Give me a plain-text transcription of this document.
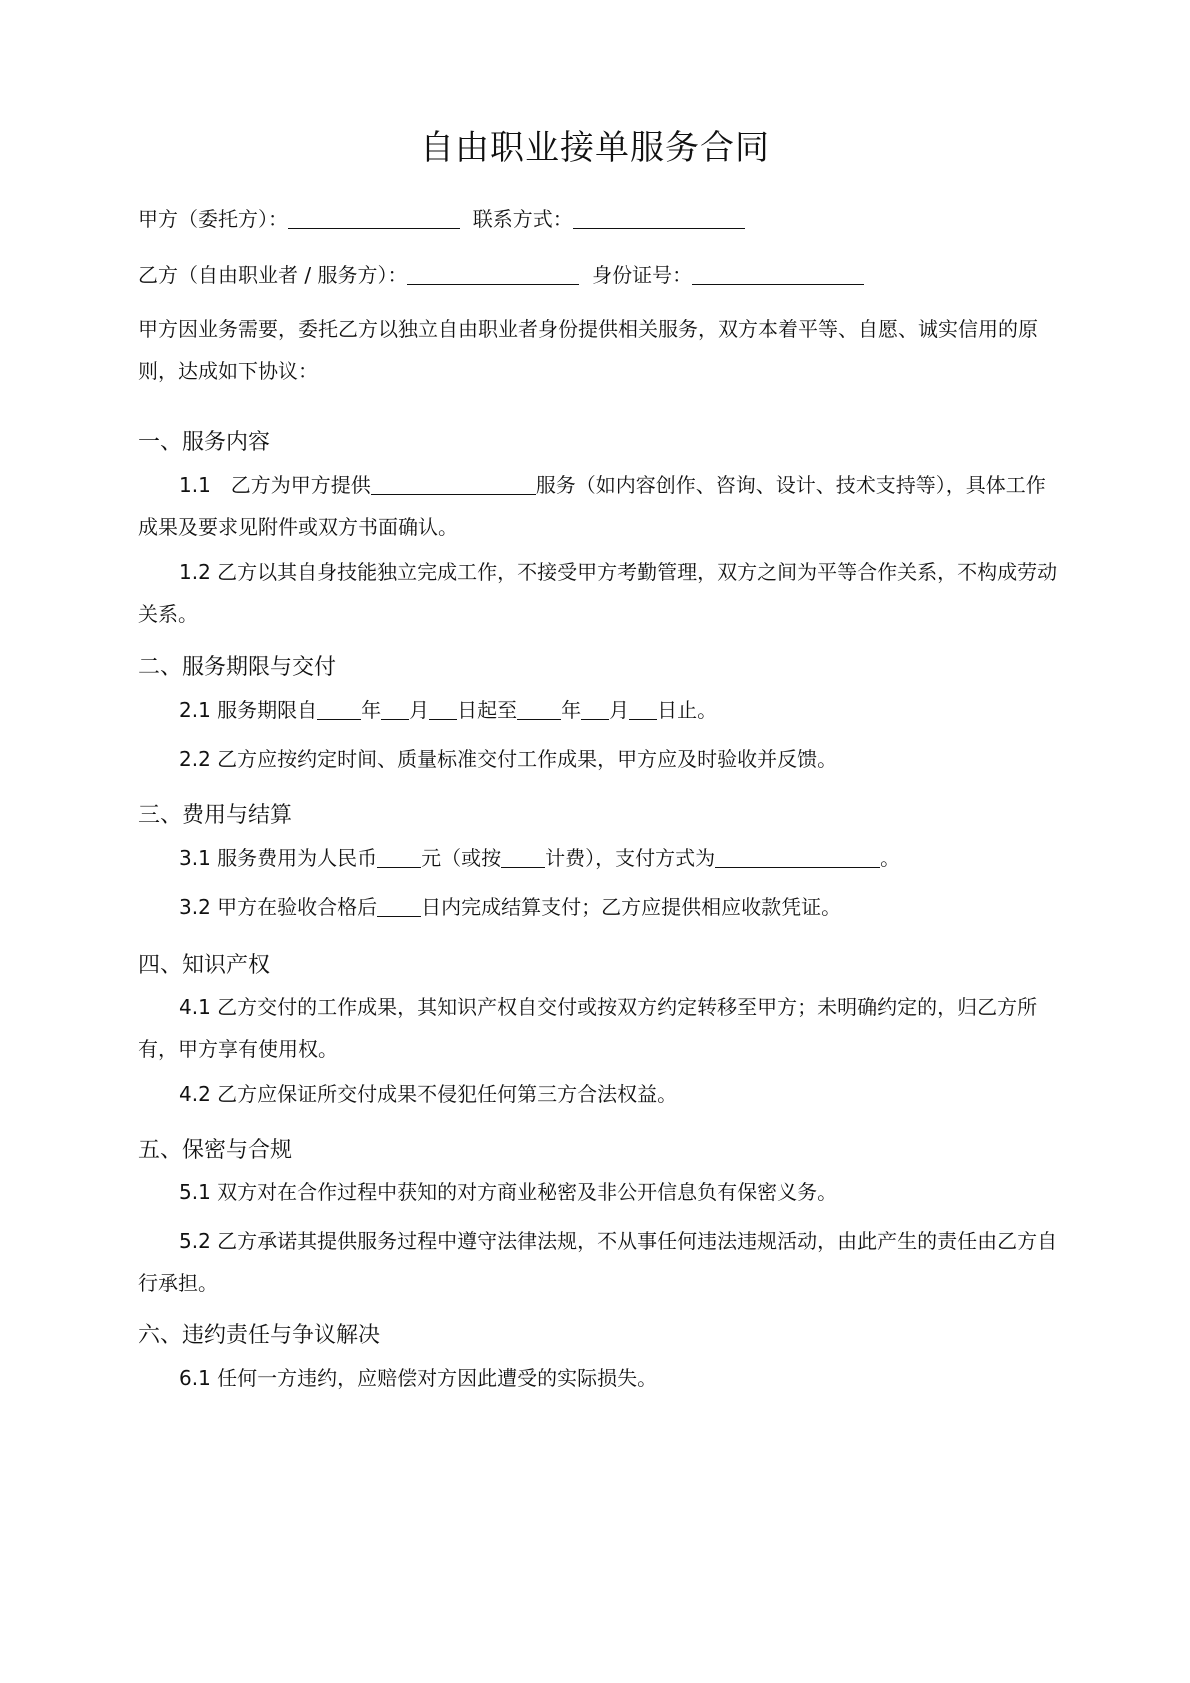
自由职业接单服务合同
甲方（委托方）：	联系方式：
乙方（自由职业者 / 服务方）：	身份证号：
甲方因业务需要，委托乙方以独立自由职业者身份提供相关服务，双方本着平等、自愿、诚实信用的原则，达成如下协议：
一、服务内容
1.1　乙方为甲方提供	服务（如内容创作、咨询、设计、技术支持等），具体工作成果及要求见附件或双方书面确认。
1.2 乙方以其自身技能独立完成工作，不接受甲方考勤管理，双方之间为平等合作关系，不构成劳动关系。
二、服务期限与交付
2.1 服务期限自 年 月 日起至 年 月 日止。
2.2 乙方应按约定时间、质量标准交付工作成果，甲方应及时验收并反馈。
三、费用与结算
3.1 服务费用为人民币 元（或按 计费），支付方式为	。
3.2 甲方在验收合格后 日内完成结算支付；乙方应提供相应收款凭证。
四、知识产权
4.1 乙方交付的工作成果，其知识产权自交付或按双方约定转移至甲方；未明确约定的，归乙方所有，甲方享有使用权。
4.2 乙方应保证所交付成果不侵犯任何第三方合法权益。
五、保密与合规
5.1 双方对在合作过程中获知的对方商业秘密及非公开信息负有保密义务。
5.2 乙方承诺其提供服务过程中遵守法律法规，不从事任何违法违规活动，由此产生的责任由乙方自行承担。
六、违约责任与争议解决
6.1 任何一方违约，应赔偿对方因此遭受的实际损失。
